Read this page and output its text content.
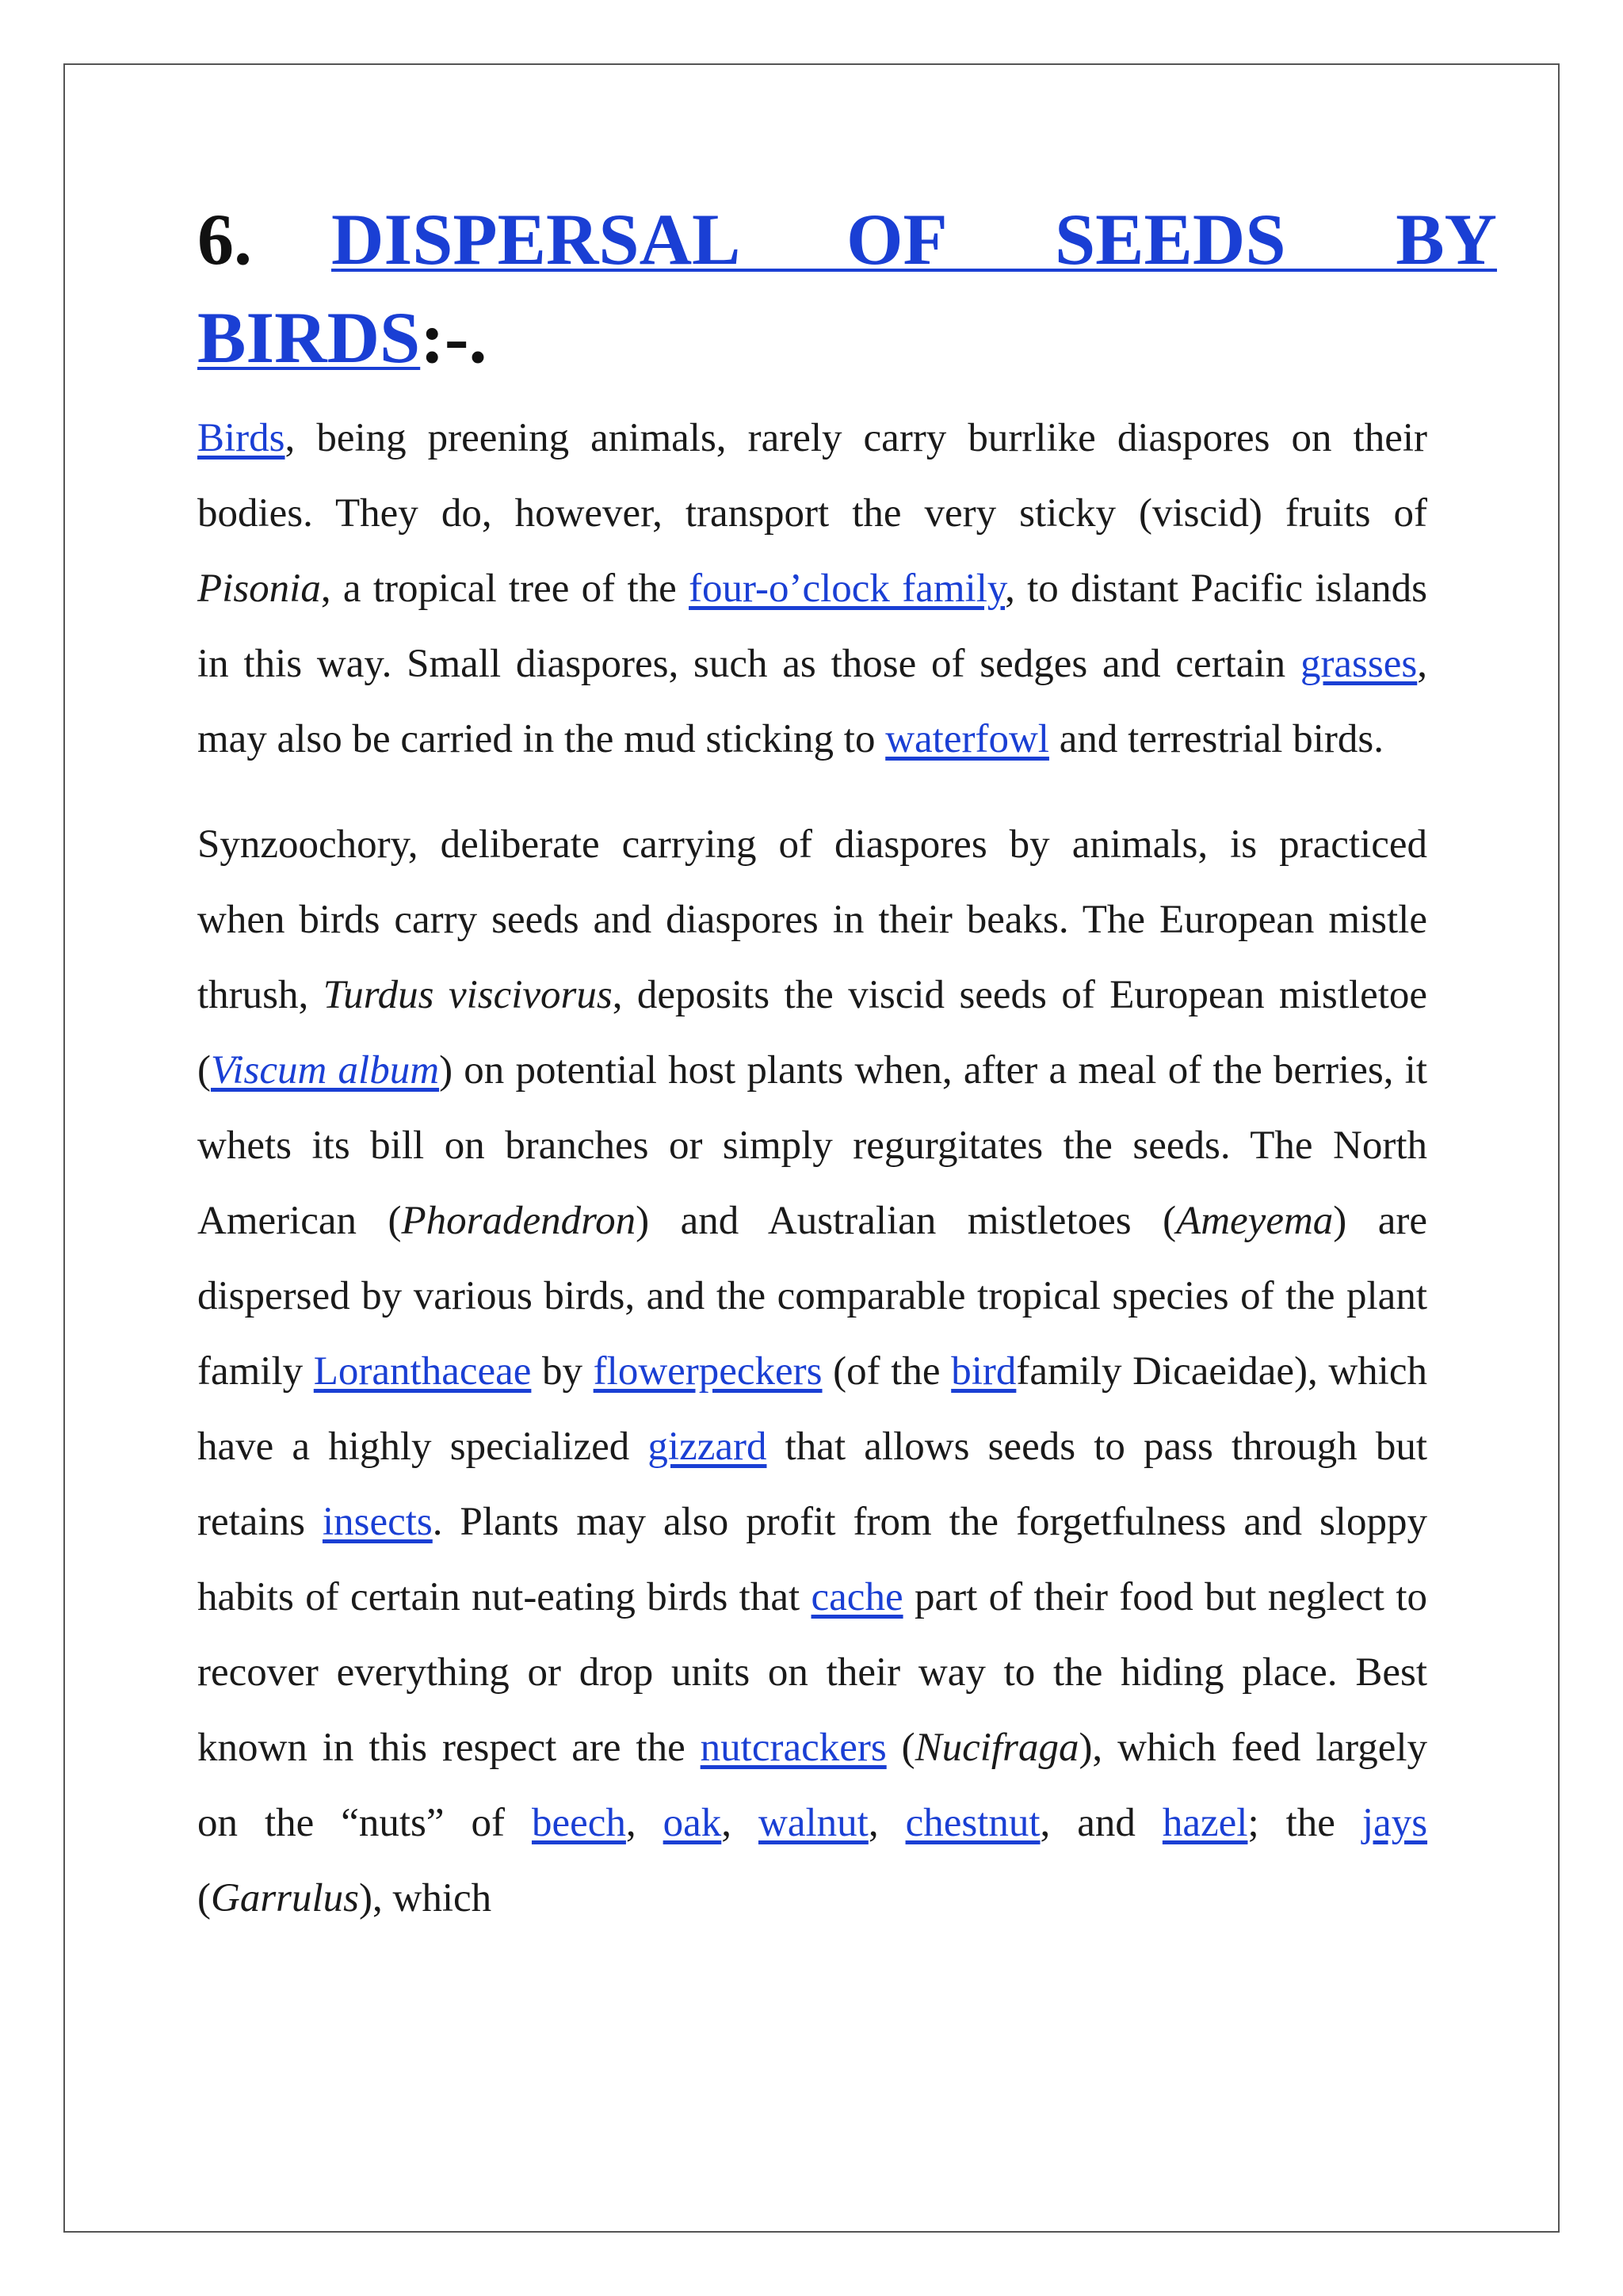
6. DISPERSAL OF SEEDS BY BIRDS:-.

Birds, being preening animals, rarely carry burrlike diaspores on their bodies. They do, however, transport the very sticky (viscid) fruits of Pisonia, a tropical tree of the four-o’clock family, to distant Pacific islands in this way. Small diaspores, such as those of sedges and certain grasses, may also be carried in the mud sticking to waterfowl and terrestrial birds.

Synzoochory, deliberate carrying of diaspores by animals, is practiced when birds carry seeds and diaspores in their beaks. The European mistle thrush, Turdus viscivorus, deposits the viscid seeds of European mistletoe (Viscum album) on potential host plants when, after a meal of the berries, it whets its bill on branches or simply regurgitates the seeds. The North American (Phoradendron) and Australian mistletoes (Ameyema) are dispersed by various birds, and the comparable tropical species of the plant family Loranthaceae by flowerpeckers (of the birdfamily Dicaeidae), which have a highly specialized gizzard that allows seeds to pass through but retains insects. Plants may also profit from the forgetfulness and sloppy habits of certain nut-eating birds that cache part of their food but neglect to recover everything or drop units on their way to the hiding place. Best known in this respect are the nutcrackers (Nucifraga), which feed largely on the “nuts” of beech, oak, walnut, chestnut, and hazel; the jays (Garrulus), which
